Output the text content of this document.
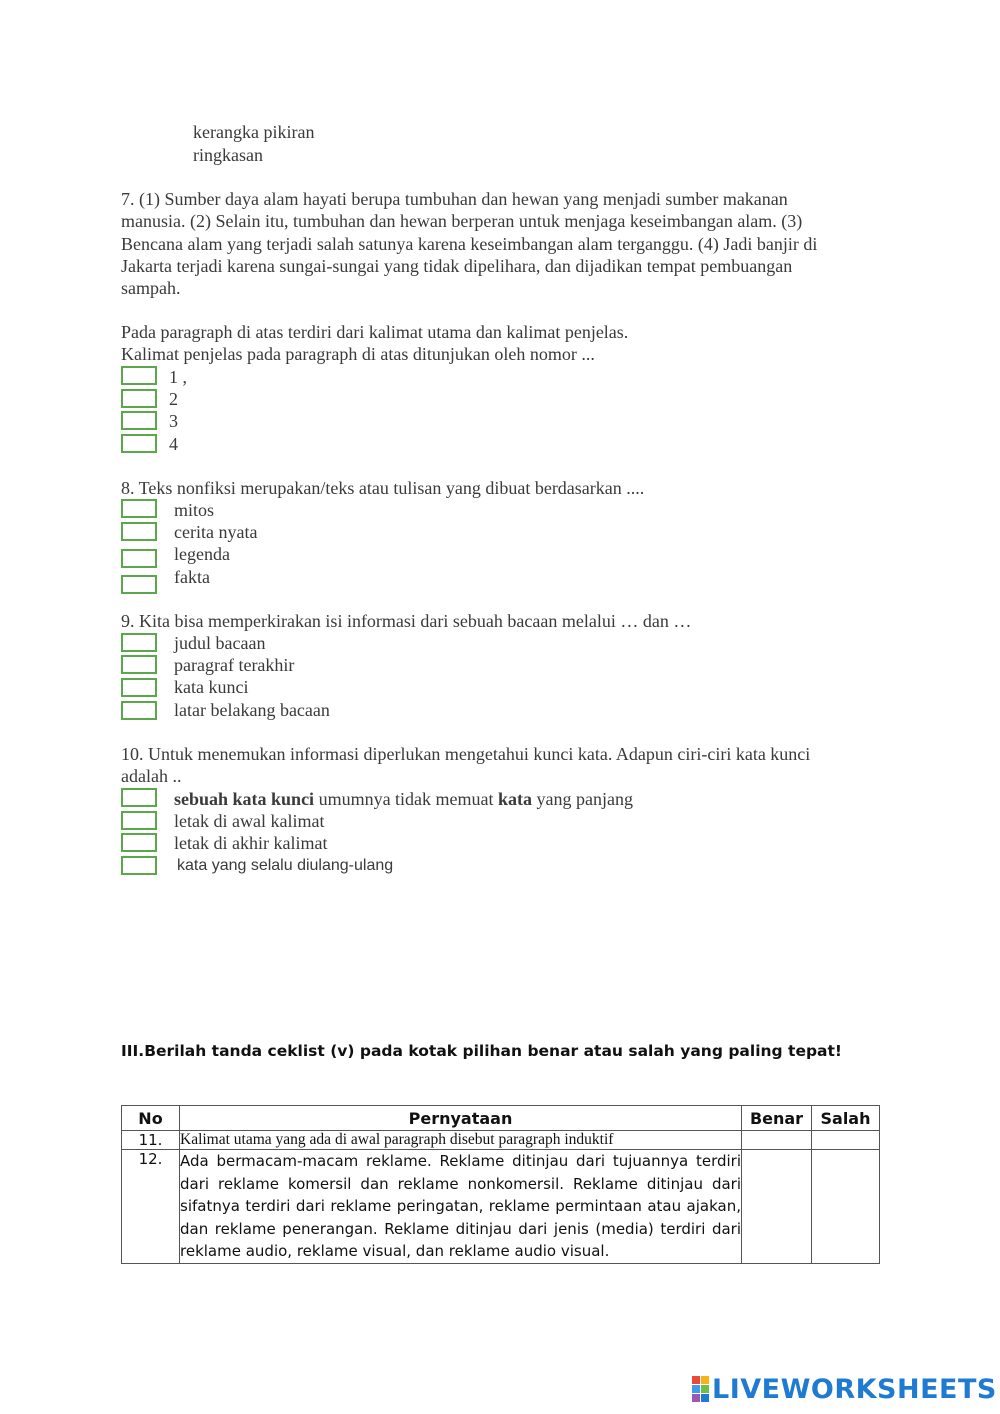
kerangka pikiran
ringkasan

7. (1) Sumber daya alam hayati berupa tumbuhan dan hewan yang menjadi sumber makanan

manusia. (2) Selain itu, tumbuhan dan hewan berperan untuk menjaga keseimbangan alam. (3)

Bencana alam yang terjadi salah satunya karena keseimbangan alam terganggu. (4) Jadi banjir di

Jakarta terjadi karena sungai-sungai yang tidak dipelihara, dan dijadikan tempat pembuangan

sampah.

Pada paragraph di atas terdiri dari kalimat utama dan kalimat penjelas.
Kalimat penjelas pada paragraph di atas ditunjukan oleh nomor ...
1 ,
2
3
4
8. Teks nonfiksi merupakan/teks atau tulisan yang dibuat berdasarkan ....
mitos
cerita nyata
legenda
fakta
9. Kita bisa memperkirakan isi informasi dari sebuah bacaan melalui … dan …
judul bacaan
paragraf terakhir
kata kunci
latar belakang bacaan
10. Untuk menemukan informasi diperlukan mengetahui kunci kata. Adapun ciri-ciri kata kunci
adalah ..
sebuah kata kunci umumnya tidak memuat kata yang panjang
letak di awal kalimat
letak di akhir kalimat
kata yang selalu diulang-ulang
III.Berilah tanda ceklist (v) pada kotak pilihan benar atau salah yang paling tepat!
No	Pernyataan	Benar	Salah
11.	Kalimat utama yang ada di awal paragraph disebut paragraph induktif		
12.	Ada bermacam-macam reklame. Reklame ditinjau dari tujuannya terdiri dari reklame komersil dan reklame nonkomersil. Reklame ditinjau dari sifatnya terdiri dari reklame peringatan, reklame permintaan atau ajakan, dan reklame penerangan. Reklame ditinjau dari jenis (media) terdiri dari reklame audio, reklame visual, dan reklame audio visual.		
LIVEWORKSHEETS
